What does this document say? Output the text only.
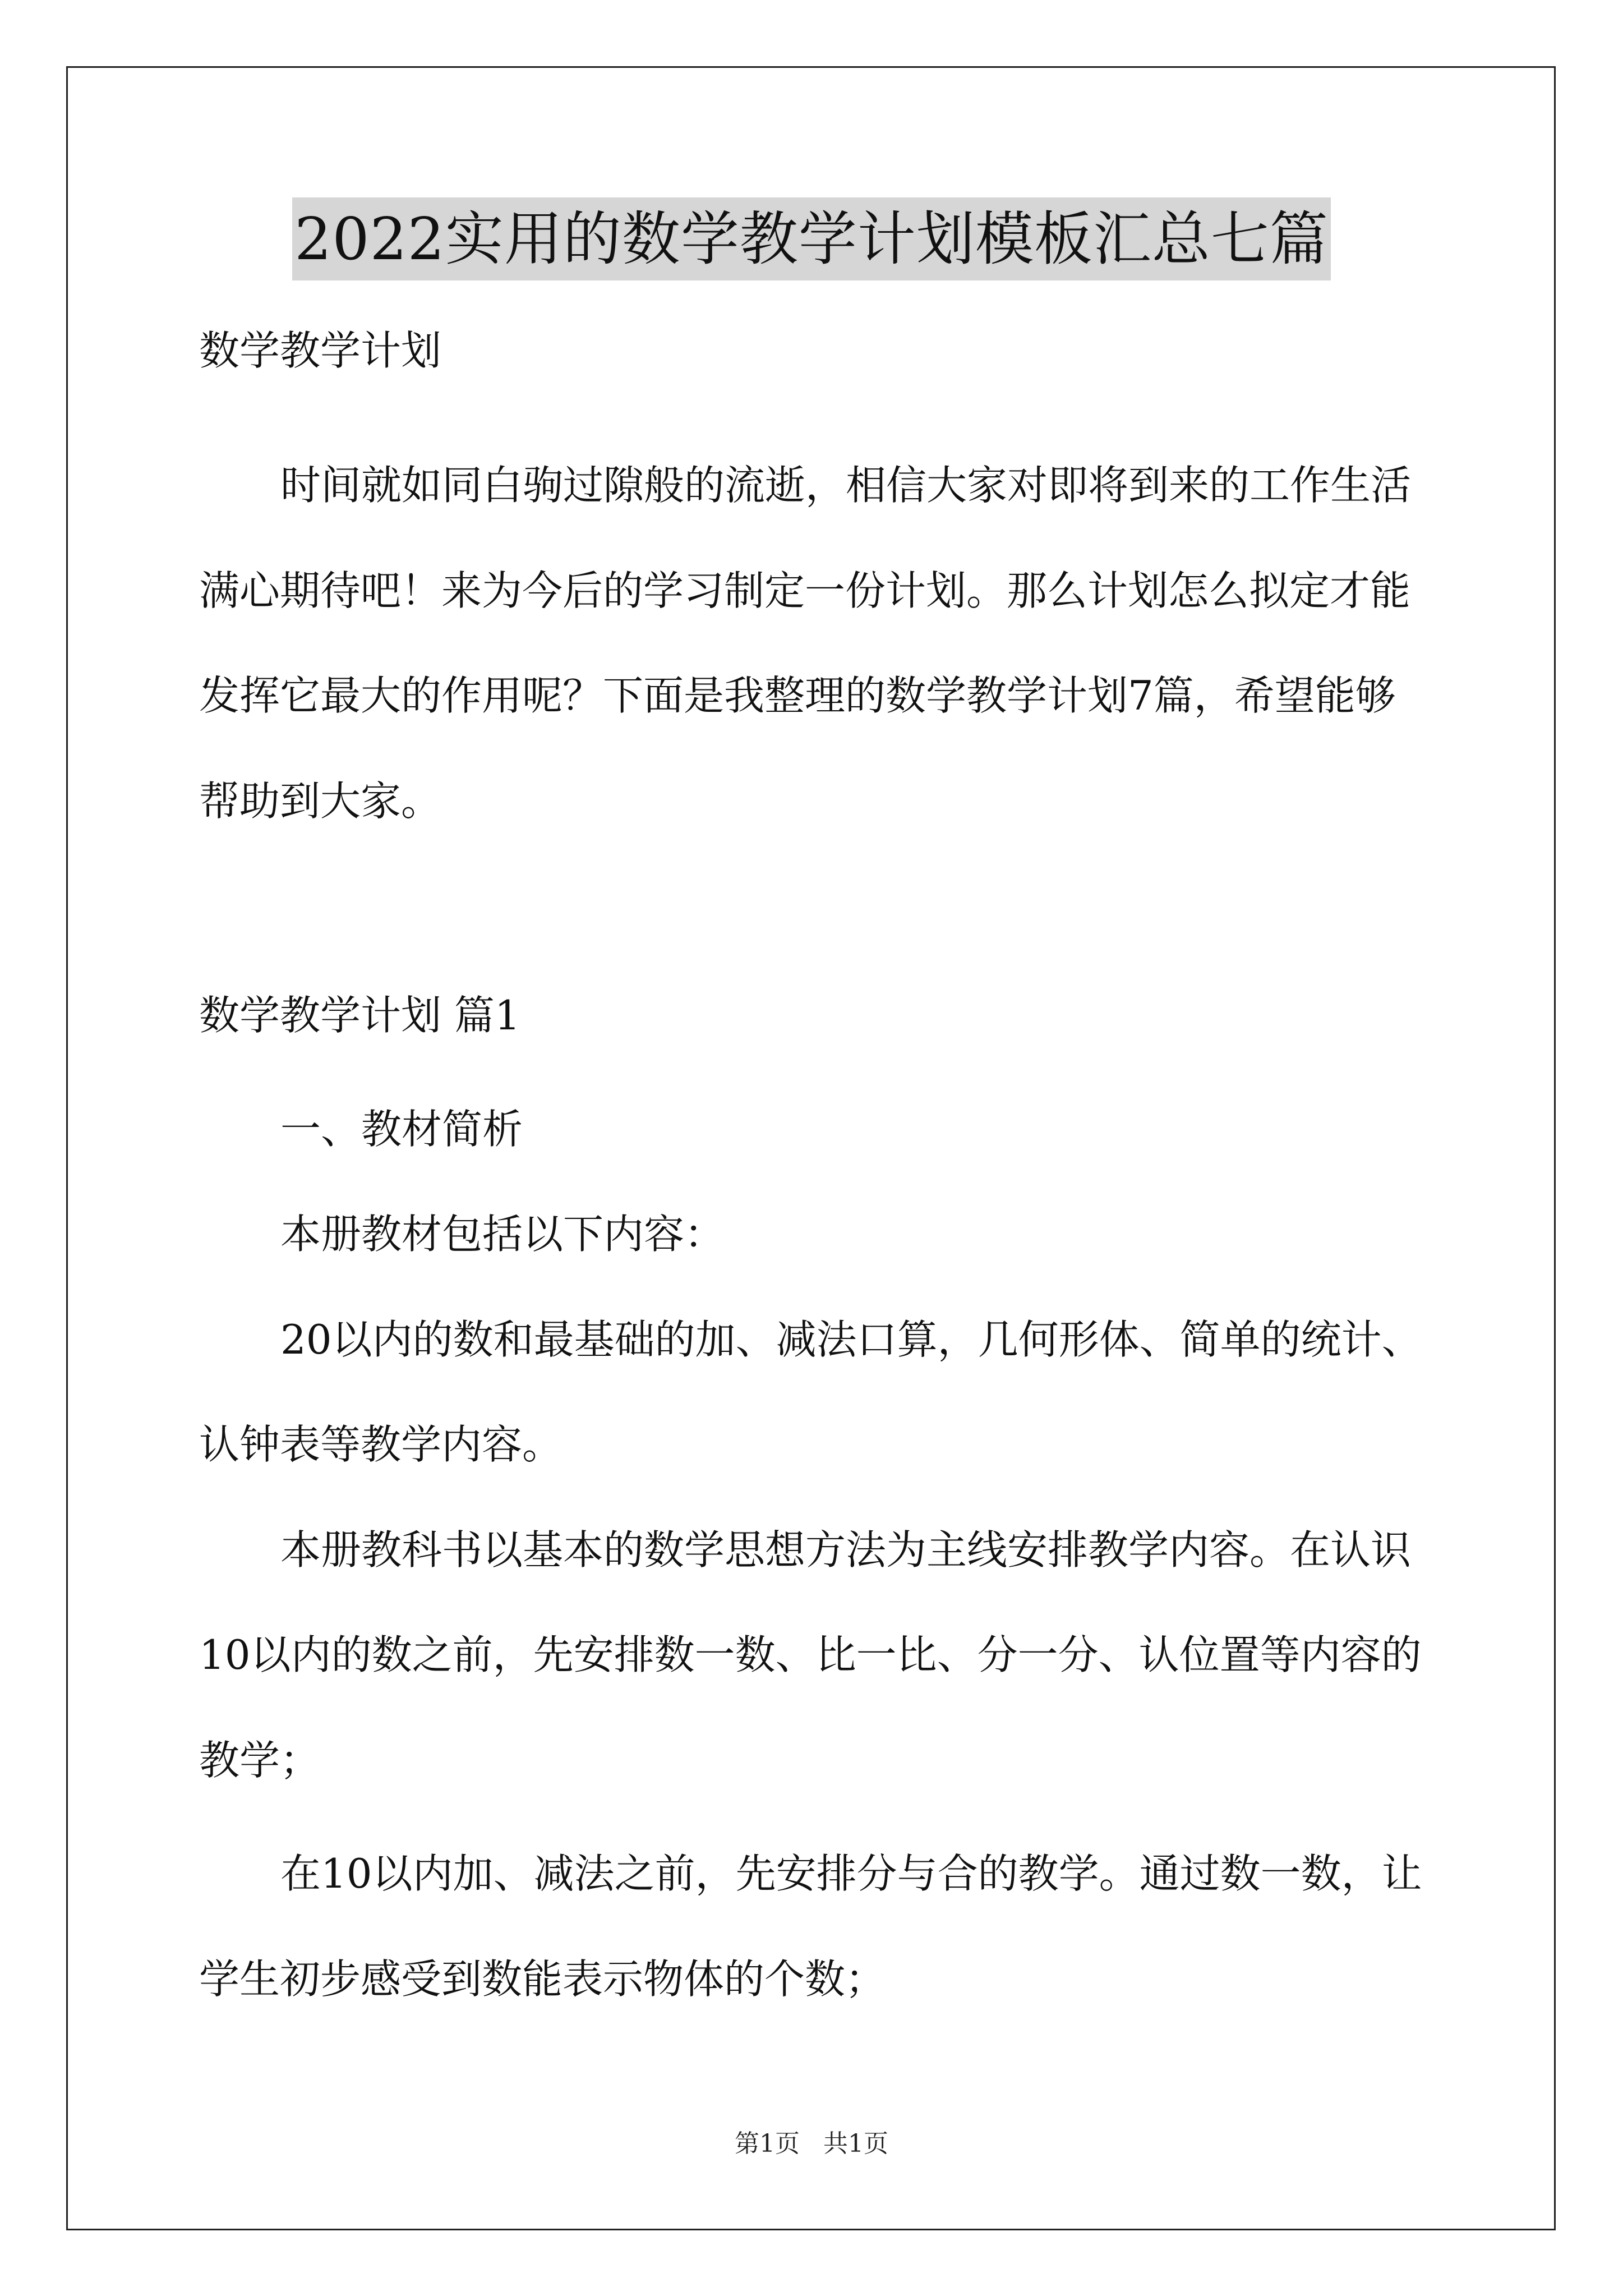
2022实用的数学教学计划模板汇总七篇

数学教学计划

时间就如同白驹过隙般的流逝，相信大家对即将到来的工作生活

满心期待吧！来为今后的学习制定一份计划。那么计划怎么拟定才能

发挥它最大的作用呢？下面是我整理的数学教学计划7篇，希望能够

帮助到大家。

数学教学计划 篇1

一、教材简析

本册教材包括以下内容：

20以内的数和最基础的加、减法口算，几何形体、简单的统计、

认钟表等教学内容。

本册教科书以基本的数学思想方法为主线安排教学内容。在认识

10以内的数之前，先安排数一数、比一比、分一分、认位置等内容的

教学；

在10以内加、减法之前，先安排分与合的教学。通过数一数，让

学生初步感受到数能表示物体的个数；

第1页   共1页
